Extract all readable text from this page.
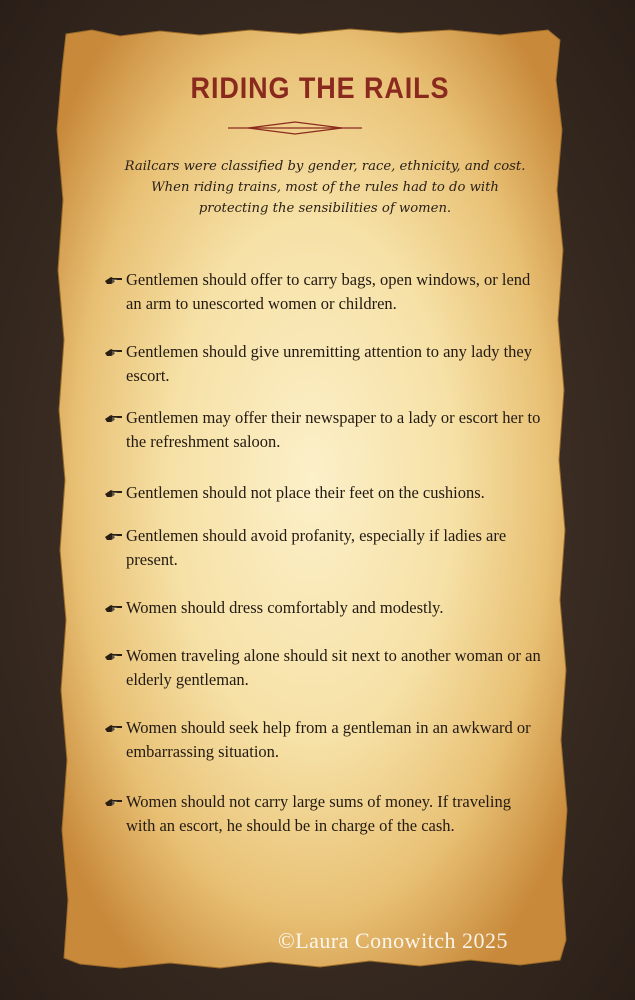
RIDING THE RAILS
Railcars were classified by gender, race, ethnicity, and cost. When riding trains, most of the rules had to do with protecting the sensibilities of women.
Gentlemen should offer to carry bags, open windows, or lend an arm to unescorted women or children.
Gentlemen should give unremitting attention to any lady they escort.
Gentlemen may offer their newspaper to a lady or escort her to the refreshment saloon.
Gentlemen should not place their feet on the cushions.
Gentlemen should avoid profanity, especially if ladies are present.
Women should dress comfortably and modestly.
Women traveling alone should sit next to another woman or an elderly gentleman.
Women should seek help from a gentleman in an awkward or embarrassing situation.
Women should not carry large sums of money. If traveling with an escort, he should be in charge of the cash.
©Laura Conowitch 2025
